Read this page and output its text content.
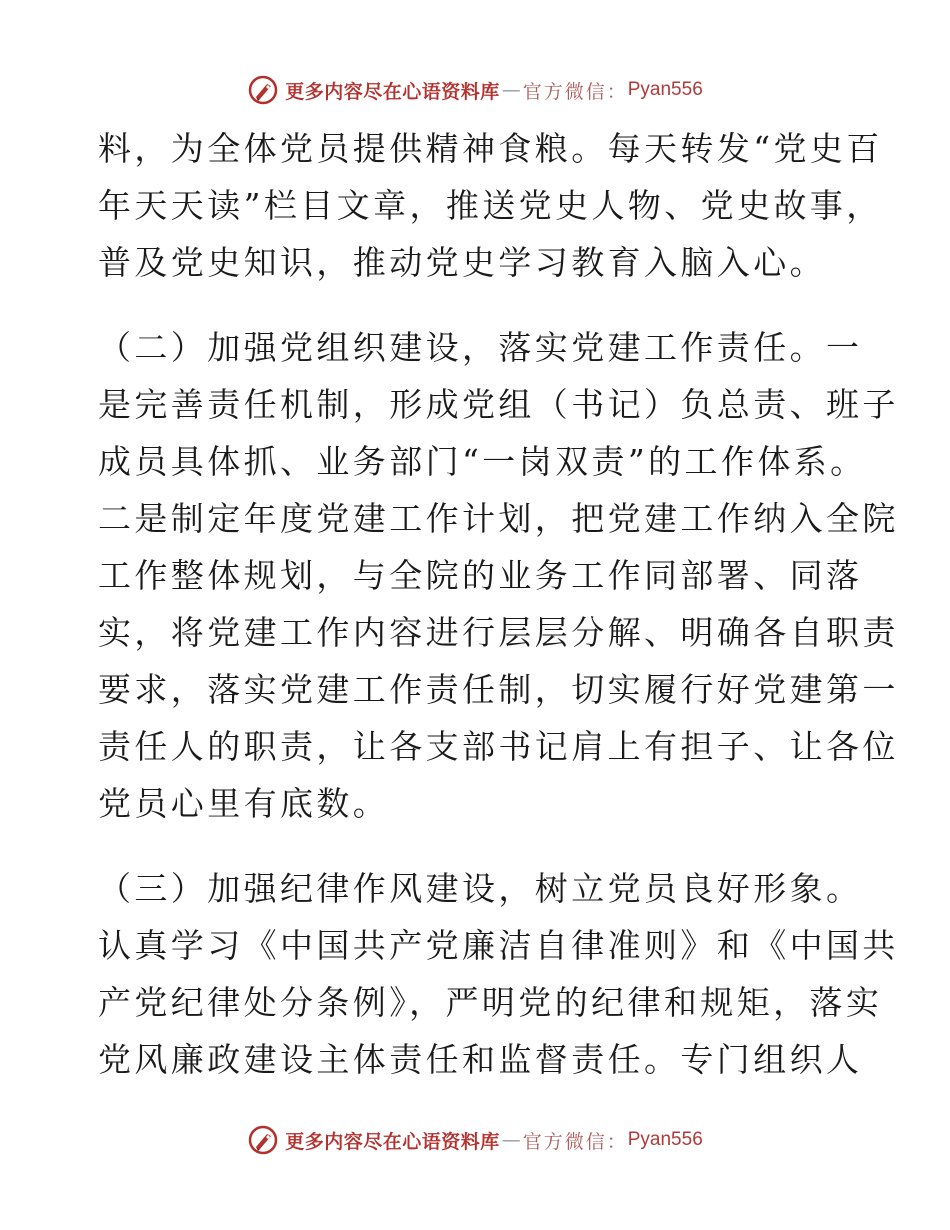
更多内容尽在心语资料库 — 官方微信： Pyan556

料，为全体党员提供精神食粮。每天转发“党史百
年天天读”栏目文章，推送党史人物、党史故事，
普及党史知识，推动党史学习教育入脑入心。

（二）加强党组织建设，落实党建工作责任。一
是完善责任机制，形成党组（书记）负总责、班子
成员具体抓、业务部门“一岗双责”的工作体系。
二是制定年度党建工作计划，把党建工作纳入全院
工作整体规划，与全院的业务工作同部署、同落
实，将党建工作内容进行层层分解、明确各自职责
要求，落实党建工作责任制，切实履行好党建第一
责任人的职责，让各支部书记肩上有担子、让各位
党员心里有底数。

（三）加强纪律作风建设，树立党员良好形象。
认真学习《中国共产党廉洁自律准则》和《中国共
产党纪律处分条例》，严明党的纪律和规矩，落实
党风廉政建设主体责任和监督责任。专门组织人

更多内容尽在心语资料库 — 官方微信： Pyan556
